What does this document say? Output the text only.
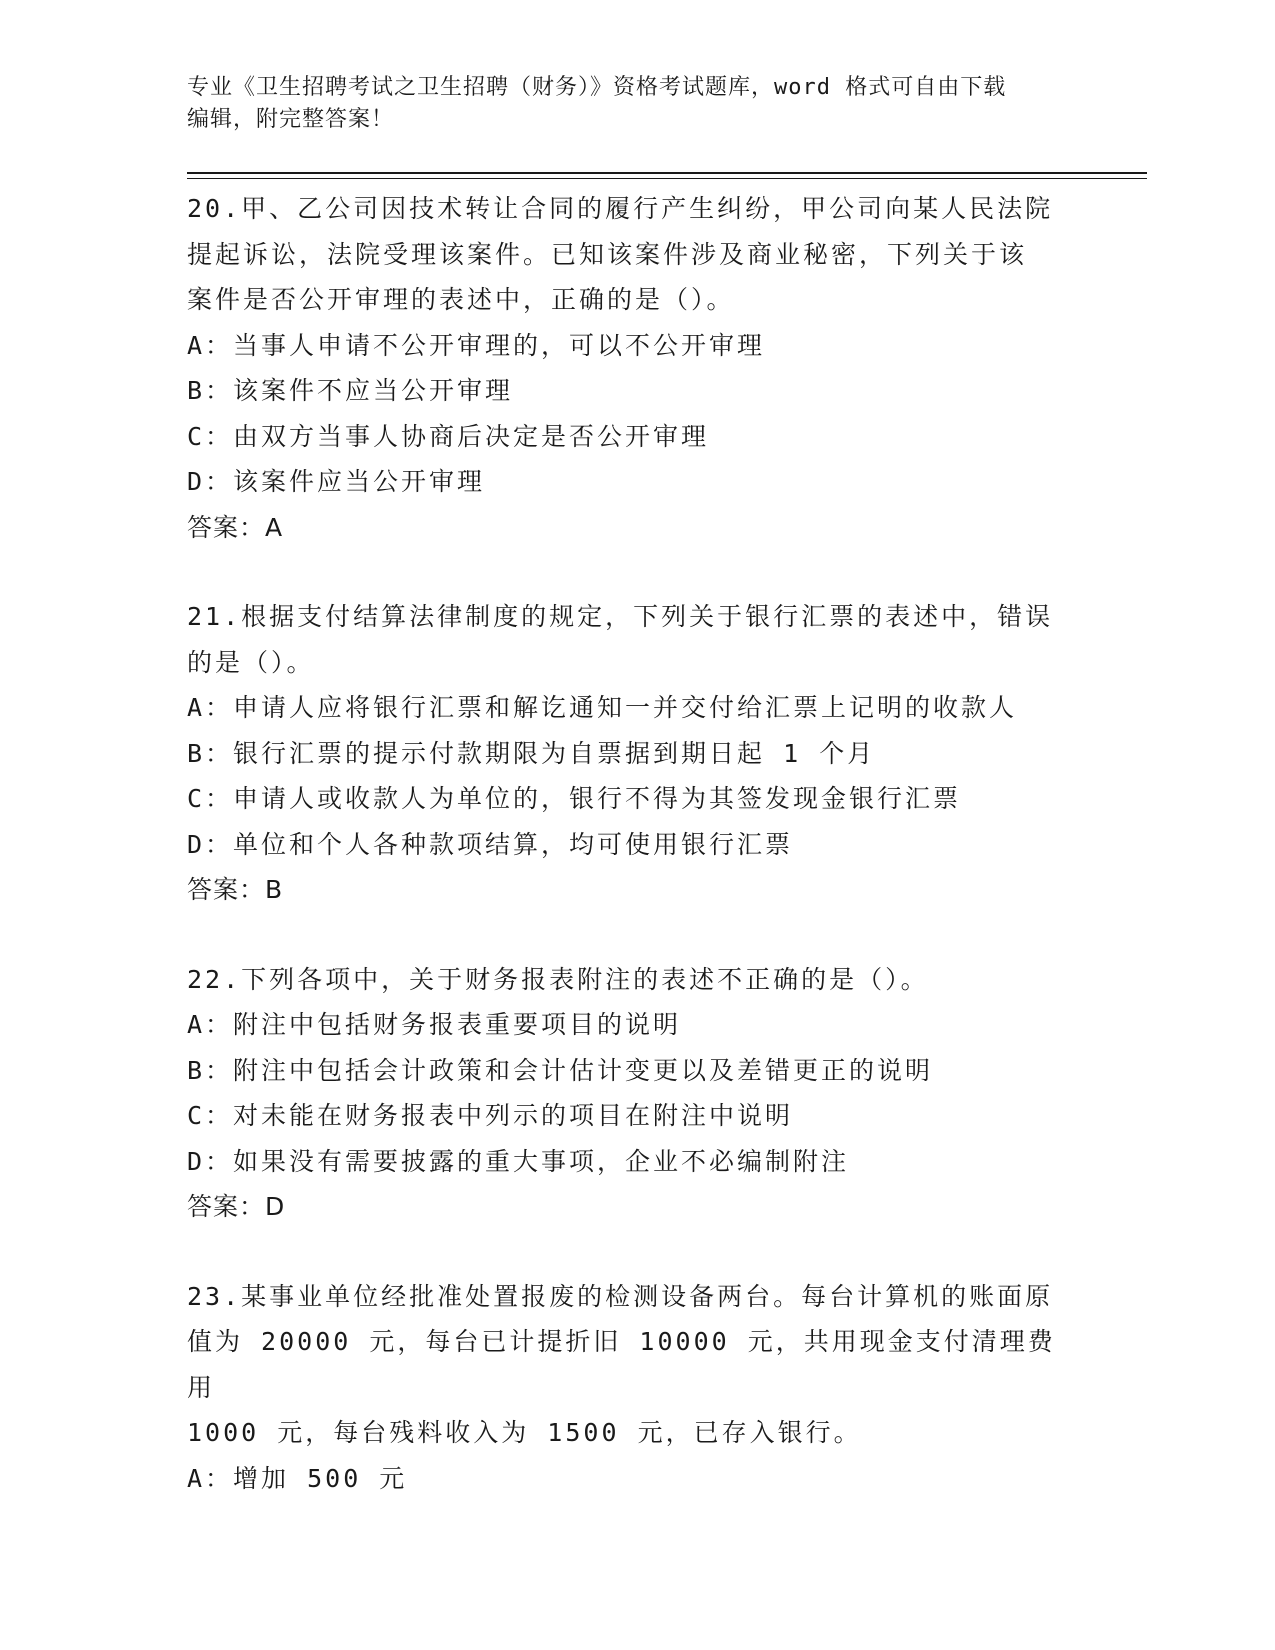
专业《卫生招聘考试之卫生招聘（财务）》资格考试题库，word 格式可自由下载
编辑，附完整答案！

20.甲、乙公司因技术转让合同的履行产生纠纷，甲公司向某人民法院

提起诉讼，法院受理该案件。已知该案件涉及商业秘密，下列关于该

案件是否公开审理的表述中，正确的是（）。

A：当事人申请不公开审理的，可以不公开审理

B：该案件不应当公开审理

C：由双方当事人协商后决定是否公开审理

D：该案件应当公开审理

答案：A

21.根据支付结算法律制度的规定，下列关于银行汇票的表述中，错误

的是（）。

A：申请人应将银行汇票和解讫通知一并交付给汇票上记明的收款人

B：银行汇票的提示付款期限为自票据到期日起 1 个月

C：申请人或收款人为单位的，银行不得为其签发现金银行汇票

D：单位和个人各种款项结算，均可使用银行汇票

答案：B

22.下列各项中，关于财务报表附注的表述不正确的是（）。

A：附注中包括财务报表重要项目的说明

B：附注中包括会计政策和会计估计变更以及差错更正的说明

C：对未能在财务报表中列示的项目在附注中说明

D：如果没有需要披露的重大事项，企业不必编制附注

答案：D

23.某事业单位经批准处置报废的检测设备两台。每台计算机的账面原

值为 20000 元，每台已计提折旧 10000 元，共用现金支付清理费用

1000 元，每台残料收入为 1500 元，已存入银行。

A：增加 500 元
